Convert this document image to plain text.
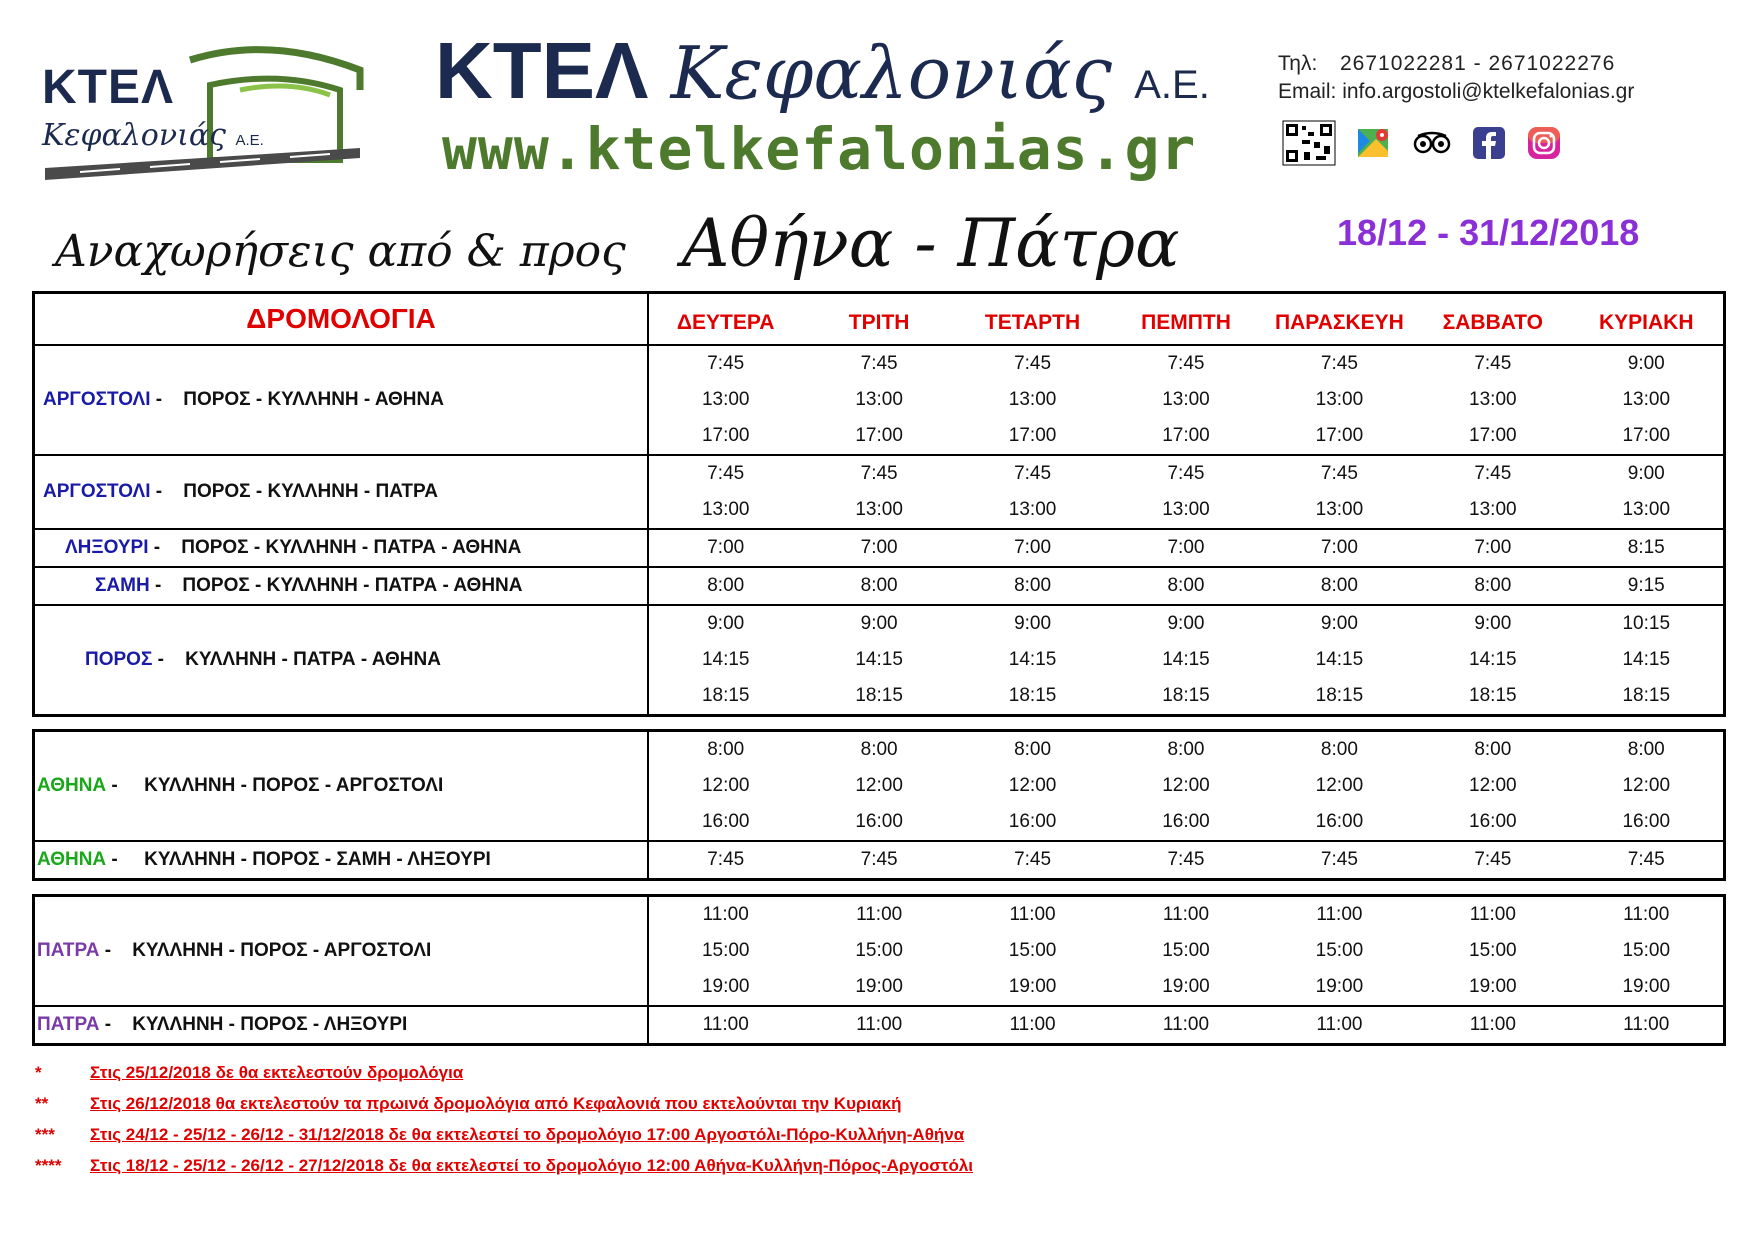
ΚΤΕΛ
Κεφαλονιάς Α.Ε.
ΚΤΕΛ Κεφαλονιάς Α.Ε.
www.ktelkefalonias.gr
Τηλ: 2671022281 - 2671022276
Email: info.argostoli@ktelkefalonias.gr
Αναχωρήσεις από & προς Αθήνα - Πάτρα	18/12 - 31/12/2018
ΔΡΟΜΟΛΟΓΙΑ	ΔΕΥΤΕΡΑ	ΤΡΙΤΗ	ΤΕΤΑΡΤΗ	ΠΕΜΠΤΗ	ΠΑΡΑΣΚΕΥΗ	ΣΑΒΒΑΤΟ	ΚΥΡΙΑΚΗ
ΑΡΓΟΣΤΟΛΙ - ΠΟΡΟΣ - ΚΥΛΛΗΝΗ - ΑΘΗΝΑ
7:45	7:45	7:45	7:45	7:45	7:45	9:00
13:00	13:00	13:00	13:00	13:00	13:00	13:00
17:00	17:00	17:00	17:00	17:00	17:00	17:00
ΑΡΓΟΣΤΟΛΙ - ΠΟΡΟΣ - ΚΥΛΛΗΝΗ - ΠΑΤΡΑ
7:45	7:45	7:45	7:45	7:45	7:45	9:00
13:00	13:00	13:00	13:00	13:00	13:00	13:00
ΛΗΞΟΥΡΙ - ΠΟΡΟΣ - ΚΥΛΛΗΝΗ - ΠΑΤΡΑ - ΑΘΗΝΑ	7:00	7:00	7:00	7:00	7:00	7:00	8:15
ΣΑΜΗ - ΠΟΡΟΣ - ΚΥΛΛΗΝΗ - ΠΑΤΡΑ - ΑΘΗΝΑ	8:00	8:00	8:00	8:00	8:00	8:00	9:15
ΠΟΡΟΣ - ΚΥΛΛΗΝΗ - ΠΑΤΡΑ - ΑΘΗΝΑ
9:00	9:00	9:00	9:00	9:00	9:00	10:15
14:15	14:15	14:15	14:15	14:15	14:15	14:15
18:15	18:15	18:15	18:15	18:15	18:15	18:15
ΑΘΗΝΑ - ΚΥΛΛΗΝΗ - ΠΟΡΟΣ - ΑΡΓΟΣΤΟΛΙ
8:00	8:00	8:00	8:00	8:00	8:00	8:00
12:00	12:00	12:00	12:00	12:00	12:00	12:00
16:00	16:00	16:00	16:00	16:00	16:00	16:00
ΑΘΗΝΑ - ΚΥΛΛΗΝΗ - ΠΟΡΟΣ - ΣΑΜΗ - ΛΗΞΟΥΡΙ	7:45	7:45	7:45	7:45	7:45	7:45	7:45
ΠΑΤΡΑ - ΚΥΛΛΗΝΗ - ΠΟΡΟΣ - ΑΡΓΟΣΤΟΛΙ
11:00	11:00	11:00	11:00	11:00	11:00	11:00
15:00	15:00	15:00	15:00	15:00	15:00	15:00
19:00	19:00	19:00	19:00	19:00	19:00	19:00
ΠΑΤΡΑ - ΚΥΛΛΗΝΗ - ΠΟΡΟΣ - ΛΗΞΟΥΡΙ	11:00	11:00	11:00	11:00	11:00	11:00	11:00
*	Στις 25/12/2018 δε θα εκτελεστούν δρομολόγια
** Στις 26/12/2018 θα εκτελεστούν τα πρωινά δρομολόγια από Κεφαλονιά που εκτελούνται την Κυριακή
*** Στις 24/12 - 25/12 - 26/12 - 31/12/2018 δε θα εκτελεστεί το δρομολόγιο 17:00 Αργοστόλι-Πόρο-Κυλλήνη-Αθήνα
**** Στις 18/12 - 25/12 - 26/12 - 27/12/2018 δε θα εκτελεστεί το δρομολόγιο 12:00 Αθήνα-Κυλλήνη-Πόρος-Αργοστόλι
